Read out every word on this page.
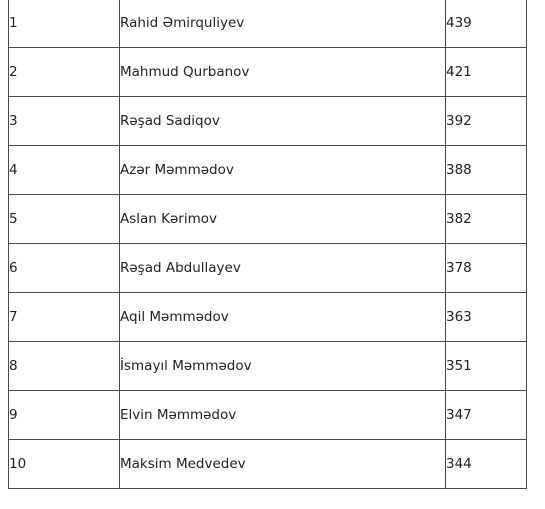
1	Rahid Əmirquliyev	439
2	Mahmud Qurbanov	421
3	Rəşad Sadiqov	392
4	Azər Məmmədov	388
5	Aslan Kərimov	382
6	Rəşad Abdullayev	378
7	Aqil Məmmədov	363
8	İsmayıl Məmmədov	351
9	Elvin Məmmədov	347
10	Maksim Medvedev	344
